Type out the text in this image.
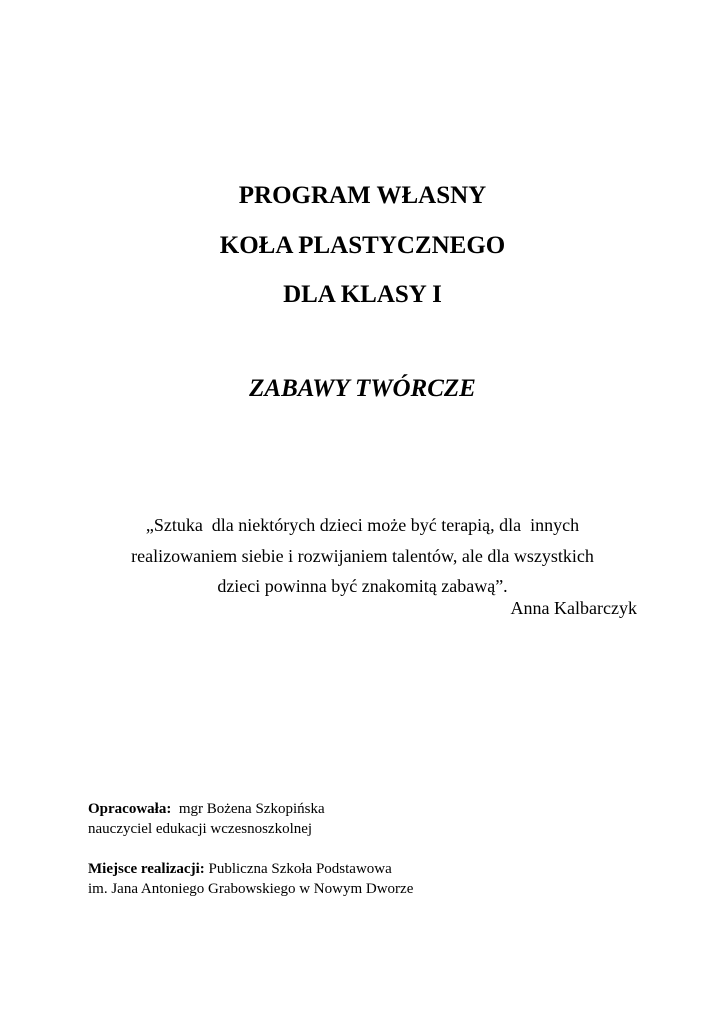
PROGRAM WŁASNY
KOŁA PLASTYCZNEGO
DLA KLASY I
ZABAWY TWÓRCZE
„Sztuka  dla niektórych dzieci może być terapią, dla  innych
realizowaniem siebie i rozwijaniem talentów, ale dla wszystkich
dzieci powinna być znakomitą zabawą”.
Anna Kalbarczyk
Opracowała: mgr Bożena Szkopińska
nauczyciel edukacji wczesnoszkolnej
Miejsce realizacji: Publiczna Szkoła Podstawowa
im. Jana Antoniego Grabowskiego w Nowym Dworze
